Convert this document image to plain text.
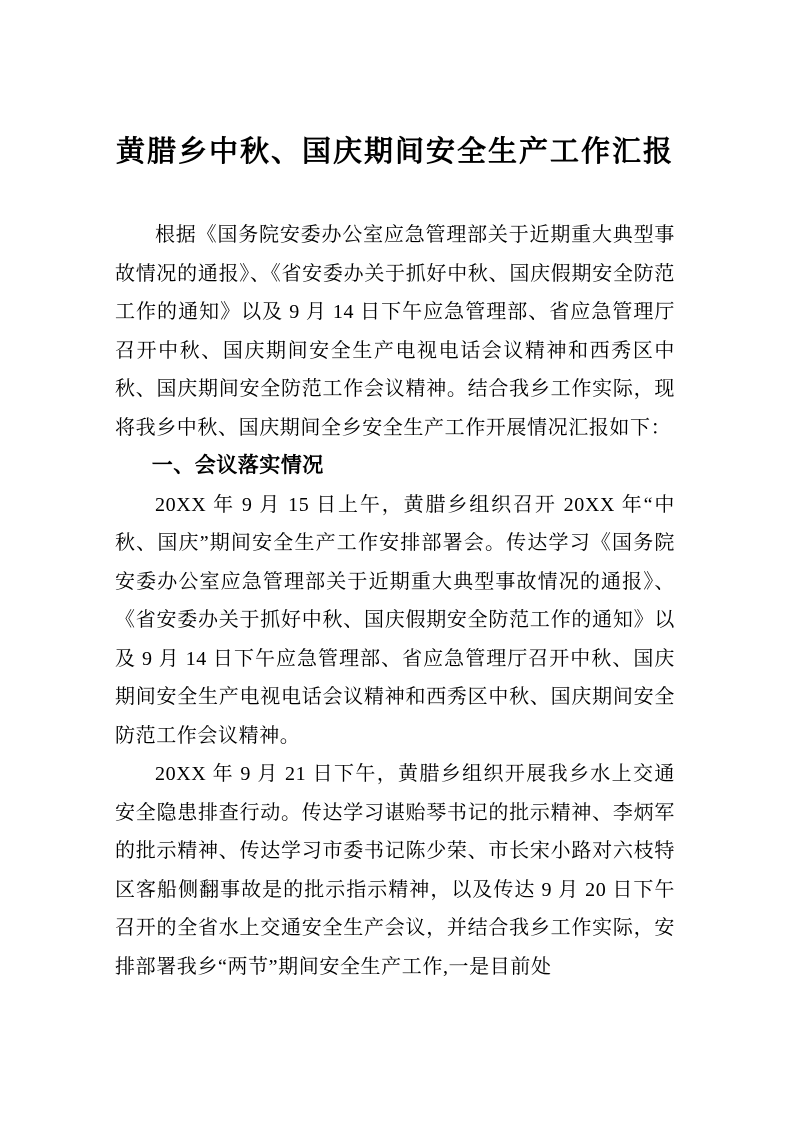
黄腊乡中秋、国庆期间安全生产工作汇报

根据《国务院安委办公室应急管理部关于近期重大典型事故情况的通报》、《省安委办关于抓好中秋、国庆假期安全防范工作的通知》以及 9 月 14 日下午应急管理部、省应急管理厅召开中秋、国庆期间安全生产电视电话会议精神和西秀区中秋、国庆期间安全防范工作会议精神。结合我乡工作实际，现将我乡中秋、国庆期间全乡安全生产工作开展情况汇报如下：

一、会议落实情况

20XX 年 9 月 15 日上午，黄腊乡组织召开 20XX 年“中秋、国庆”期间安全生产工作安排部署会。传达学习《国务院安委办公室应急管理部关于近期重大典型事故情况的通报》、《省安委办关于抓好中秋、国庆假期安全防范工作的通知》以及 9 月 14 日下午应急管理部、省应急管理厅召开中秋、国庆期间安全生产电视电话会议精神和西秀区中秋、国庆期间安全防范工作会议精神。

20XX 年 9 月 21 日下午，黄腊乡组织开展我乡水上交通安全隐患排查行动。传达学习谌贻琴书记的批示精神、李炳军的批示精神、传达学习市委书记陈少荣、市长宋小路对六枝特区客船侧翻事故是的批示指示精神，以及传达 9 月 20 日下午召开的全省水上交通安全生产会议，并结合我乡工作实际，安排部署我乡“两节”期间安全生产工作,一是目前处
